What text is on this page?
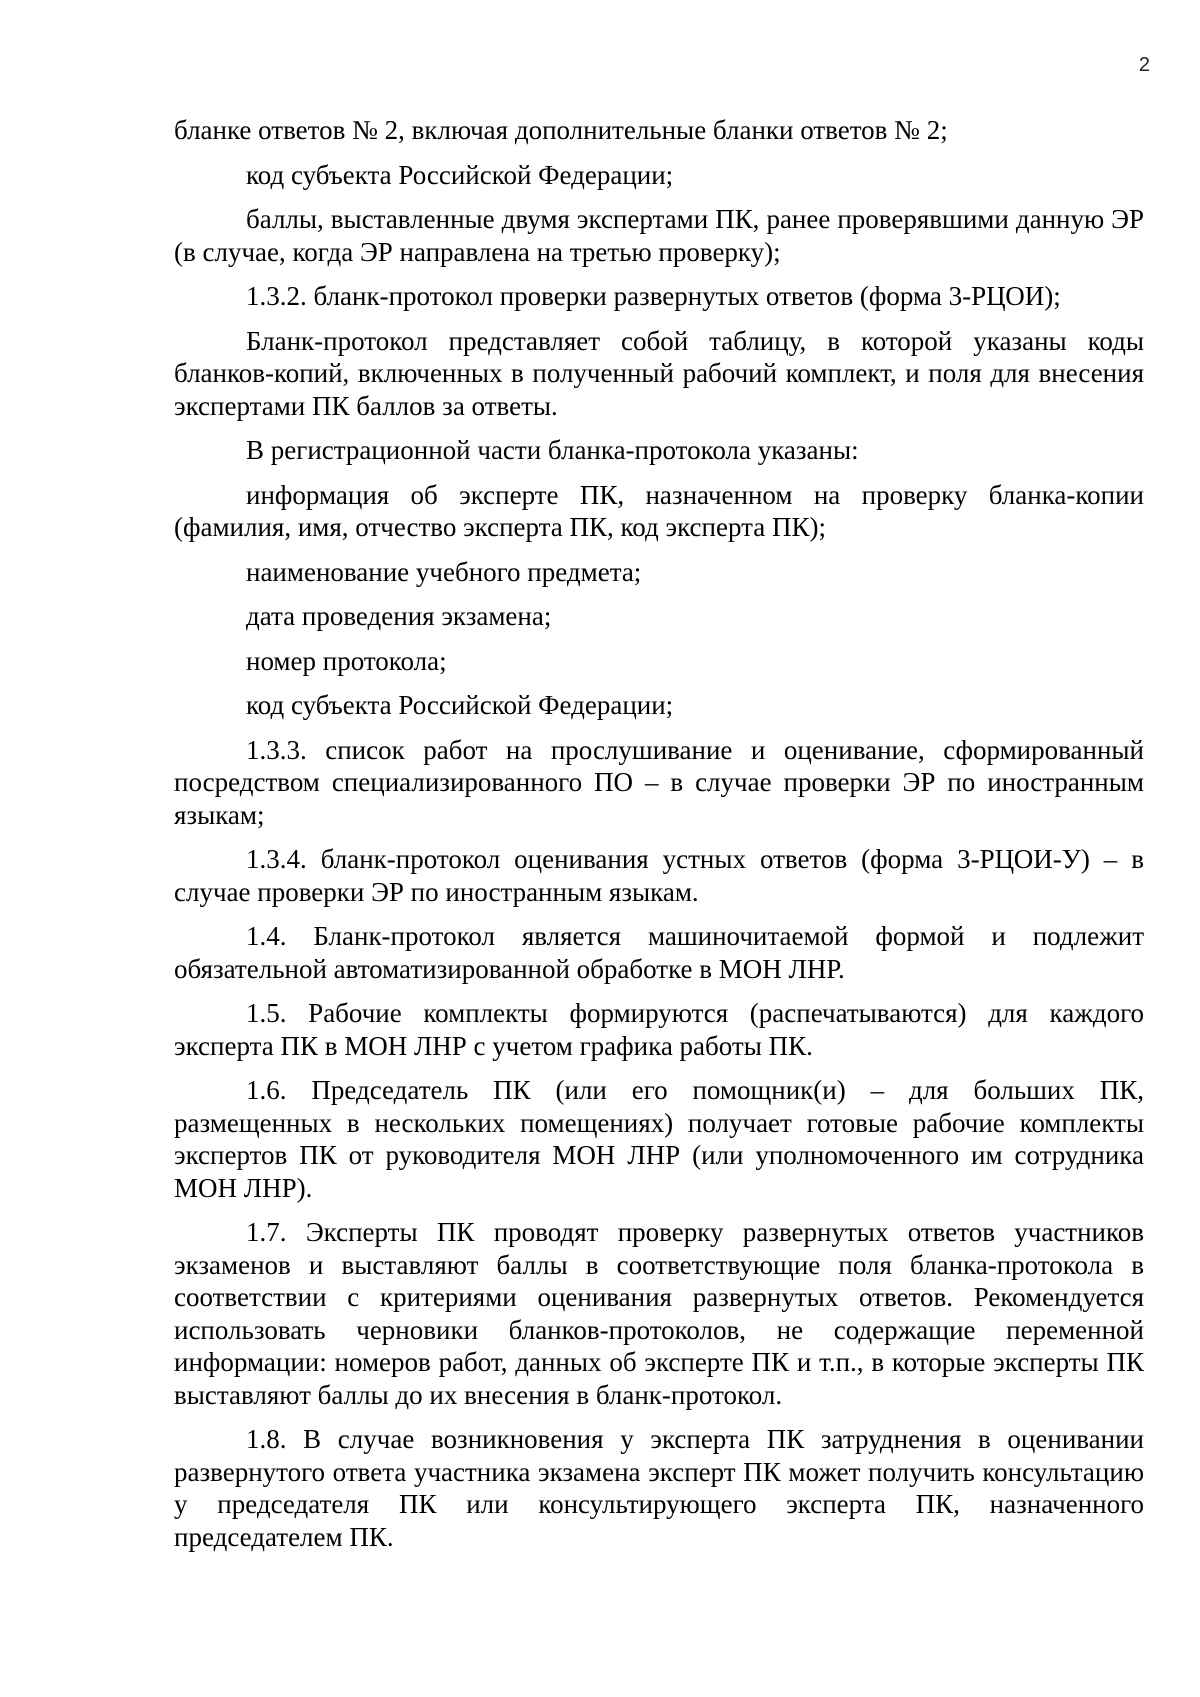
2

бланке ответов № 2, включая дополнительные бланки ответов № 2;

код субъекта Российской Федерации;

баллы, выставленные двумя экспертами ПК, ранее проверявшими данную ЭР (в случае, когда ЭР направлена на третью проверку);

1.3.2. бланк-протокол проверки развернутых ответов (форма 3-РЦОИ);

Бланк-протокол представляет собой таблицу, в которой указаны коды бланков-копий, включенных в полученный рабочий комплект, и поля для внесения экспертами ПК баллов за ответы.

В регистрационной части бланка-протокола указаны:

информация об эксперте ПК, назначенном на проверку бланка-копии (фамилия, имя, отчество эксперта ПК, код эксперта ПК);

наименование учебного предмета;

дата проведения экзамена;

номер протокола;

код субъекта Российской Федерации;

1.3.3. список работ на прослушивание и оценивание, сформированный посредством специализированного ПО – в случае проверки ЭР по иностранным языкам;

1.3.4. бланк-протокол оценивания устных ответов (форма 3-РЦОИ-У) – в случае проверки ЭР по иностранным языкам.

1.4. Бланк-протокол является машиночитаемой формой и подлежит обязательной автоматизированной обработке в МОН ЛНР.

1.5. Рабочие комплекты формируются (распечатываются) для каждого эксперта ПК в МОН ЛНР с учетом графика работы ПК.

1.6. Председатель ПК (или его помощник(и) – для больших ПК, размещенных в нескольких помещениях) получает готовые рабочие комплекты экспертов ПК от руководителя МОН ЛНР (или уполномоченного им сотрудника МОН ЛНР).

1.7. Эксперты ПК проводят проверку развернутых ответов участников экзаменов и выставляют баллы в соответствующие поля бланка-протокола в соответствии с критериями оценивания развернутых ответов. Рекомендуется использовать черновики бланков-протоколов, не содержащие переменной информации: номеров работ, данных об эксперте ПК и т.п., в которые эксперты ПК выставляют баллы до их внесения в бланк-протокол.

1.8. В случае возникновения у эксперта ПК затруднения в оценивании развернутого ответа участника экзамена эксперт ПК может получить консультацию у председателя ПК или консультирующего эксперта ПК, назначенного председателем ПК.
